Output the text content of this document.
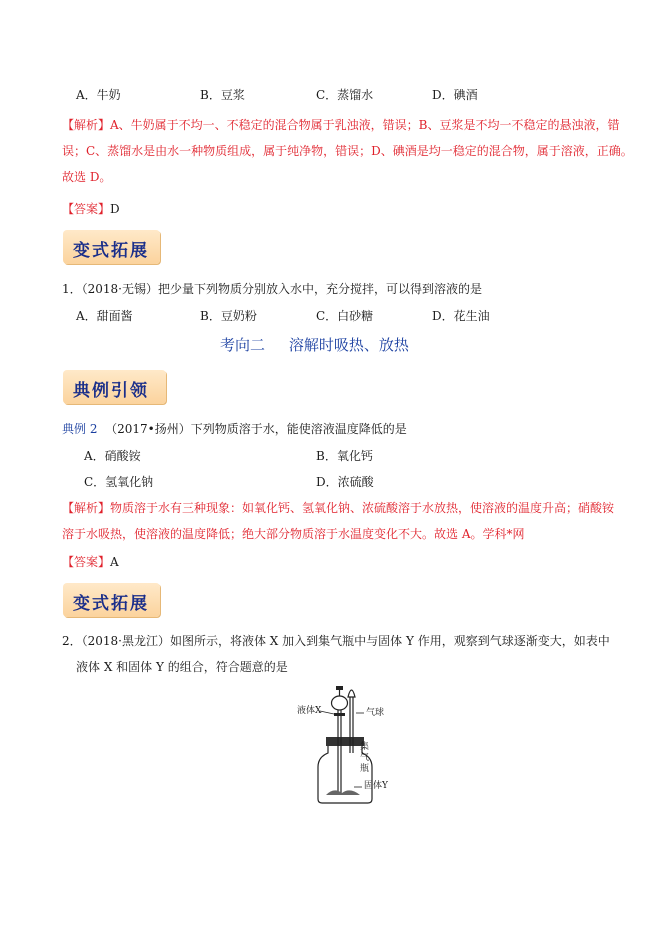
A．牛奶	B．豆浆	C．蒸馏水	D．碘酒
【解析】A、牛奶属于不均一、不稳定的混合物属于乳浊液，错误；B、豆浆是不均一不稳定的悬浊液，错
误；C、蒸馏水是由水一种物质组成，属于纯净物，错误；D、碘酒是均一稳定的混合物，属于溶液，正确。
故选 D。
【答案】D
变式拓展
1．（2018·无锡）把少量下列物质分别放入水中，充分搅拌，可以得到溶液的是
A．甜面酱	B．豆奶粉	C．白砂糖	D．花生油
考向二     溶解时吸热、放热
典例引领
典例 2 （2017•扬州）下列物质溶于水，能使溶液温度降低的是
A．硝酸铵	B．氧化钙
C．氢氧化钠	D．浓硫酸
【解析】物质溶于水有三种现象：如氧化钙、氢氧化钠、浓硫酸溶于水放热，使溶液的温度升高；硝酸铵
溶于水吸热，使溶液的温度降低；绝大部分物质溶于水温度变化不大。故选 A。学科*网
【答案】A
变式拓展
2．（2018·黑龙江）如图所示，将液体 X 加入到集气瓶中与固体 Y 作用，观察到气球逐渐变大，如表中
液体 X 和固体 Y 的组合，符合题意的是
液体X	气球
集
气
瓶
固体Y
